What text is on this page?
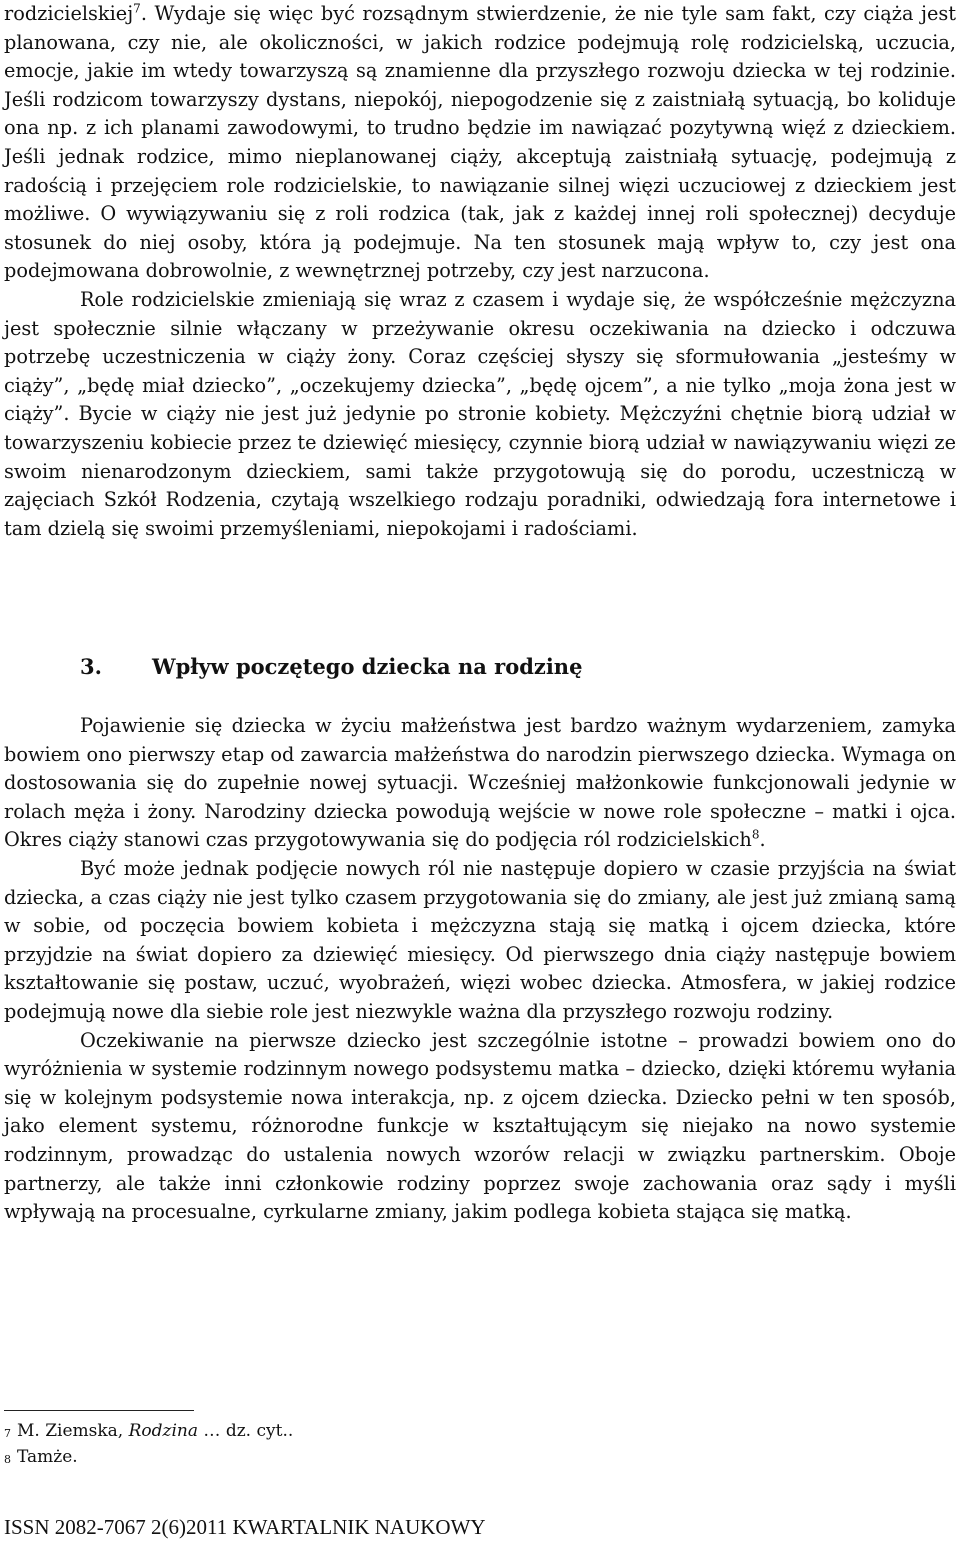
rodzicielskiej$^7$. Wydaje się więc być rozsądnym stwierdzenie, że nie tyle sam fakt, czy ciąża jest planowana, czy nie, ale okoliczności, w jakich rodzice podejmują rolę rodzicielską, uczucia, emocje, jakie im wtedy towarzyszą są znamienne dla przyszłego rozwoju dziecka w tej rodzinie. Jeśli rodzicom towarzyszy dystans, niepokój, niepogodzenie się z zaistniałą sytuacją, bo koliduje ona np. z ich planami zawodowymi, to trudno będzie im nawiązać pozytywną więź z dzieckiem. Jeśli jednak rodzice, mimo nieplanowanej ciąży, akceptują zaistniałą sytuację, podejmują z radością i przejęciem role rodzicielskie, to nawiązanie silnej więzi uczuciowej z dzieckiem jest możliwe. O wywiązywaniu się z roli rodzica (tak, jak z każdej innej roli społecznej) decyduje stosunek do niej osoby, która ją podejmuje. Na ten stosunek mają wpływ to, czy jest ona podejmowana dobrowolnie, z wewnętrznej potrzeby, czy jest narzucona.

Role rodzicielskie zmieniają się wraz z czasem i wydaje się, że współcześnie mężczyzna jest społecznie silnie włączany w przeżywanie okresu oczekiwania na dziecko i odczuwa potrzebę uczestniczenia w ciąży żony. Coraz częściej słyszy się sformułowania „jesteśmy w ciąży”, „będę miał dziecko”, „oczekujemy dziecka”, „będę ojcem”, a nie tylko „moja żona jest w ciąży”. Bycie w ciąży nie jest już jedynie po stronie kobiety. Mężczyźni chętnie biorą udział w towarzyszeniu kobiecie przez te dziewięć miesięcy, czynnie biorą udział w nawiązywaniu więzi ze swoim nienarodzonym dzieckiem, sami także przygotowują się do porodu, uczestniczą w zajęciach Szkół Rodzenia, czytają wszelkiego rodzaju poradniki, odwiedzają fora internetowe i tam dzielą się swoimi przemyśleniami, niepokojami i radościami.

3. Wpływ poczętego dziecka na rodzinę

Pojawienie się dziecka w życiu małżeństwa jest bardzo ważnym wydarzeniem, zamyka bowiem ono pierwszy etap od zawarcia małżeństwa do narodzin pierwszego dziecka. Wymaga on dostosowania się do zupełnie nowej sytuacji. Wcześniej małżonkowie funkcjonowali jedynie w rolach męża i żony. Narodziny dziecka powodują wejście w nowe role społeczne – matki i ojca. Okres ciąży stanowi czas przygotowywania się do podjęcia ról rodzicielskich$^8$.

Być może jednak podjęcie nowych ról nie następuje dopiero w czasie przyjścia na świat dziecka, a czas ciąży nie jest tylko czasem przygotowania się do zmiany, ale jest już zmianą samą w sobie, od poczęcia bowiem kobieta i mężczyzna stają się matką i ojcem dziecka, które przyjdzie na świat dopiero za dziewięć miesięcy. Od pierwszego dnia ciąży następuje bowiem kształtowanie się postaw, uczuć, wyobrażeń, więzi wobec dziecka. Atmosfera, w jakiej rodzice podejmują nowe dla siebie role jest niezwykle ważna dla przyszłego rozwoju rodziny.

Oczekiwanie na pierwsze dziecko jest szczególnie istotne – prowadzi bowiem ono do wyróżnienia w systemie rodzinnym nowego podsystemu matka – dziecko, dzięki któremu wyłania się w kolejnym podsystemie nowa interakcja, np. z ojcem dziecka. Dziecko pełni w ten sposób, jako element systemu, różnorodne funkcje w kształtującym się niejako na nowo systemie rodzinnym, prowadząc do ustalenia nowych wzorów relacji w związku partnerskim. Oboje partnerzy, ale także inni członkowie rodziny poprzez swoje zachowania oraz sądy i myśli wpływają na procesualne, cyrkularne zmiany, jakim podlega kobieta stająca się matką.

$^7$ M. Ziemska, Rodzina … dz. cyt..

$^8$ Tamże.

ISSN 2082-7067 2(6)2011 KWARTALNIK NAUKOWY
